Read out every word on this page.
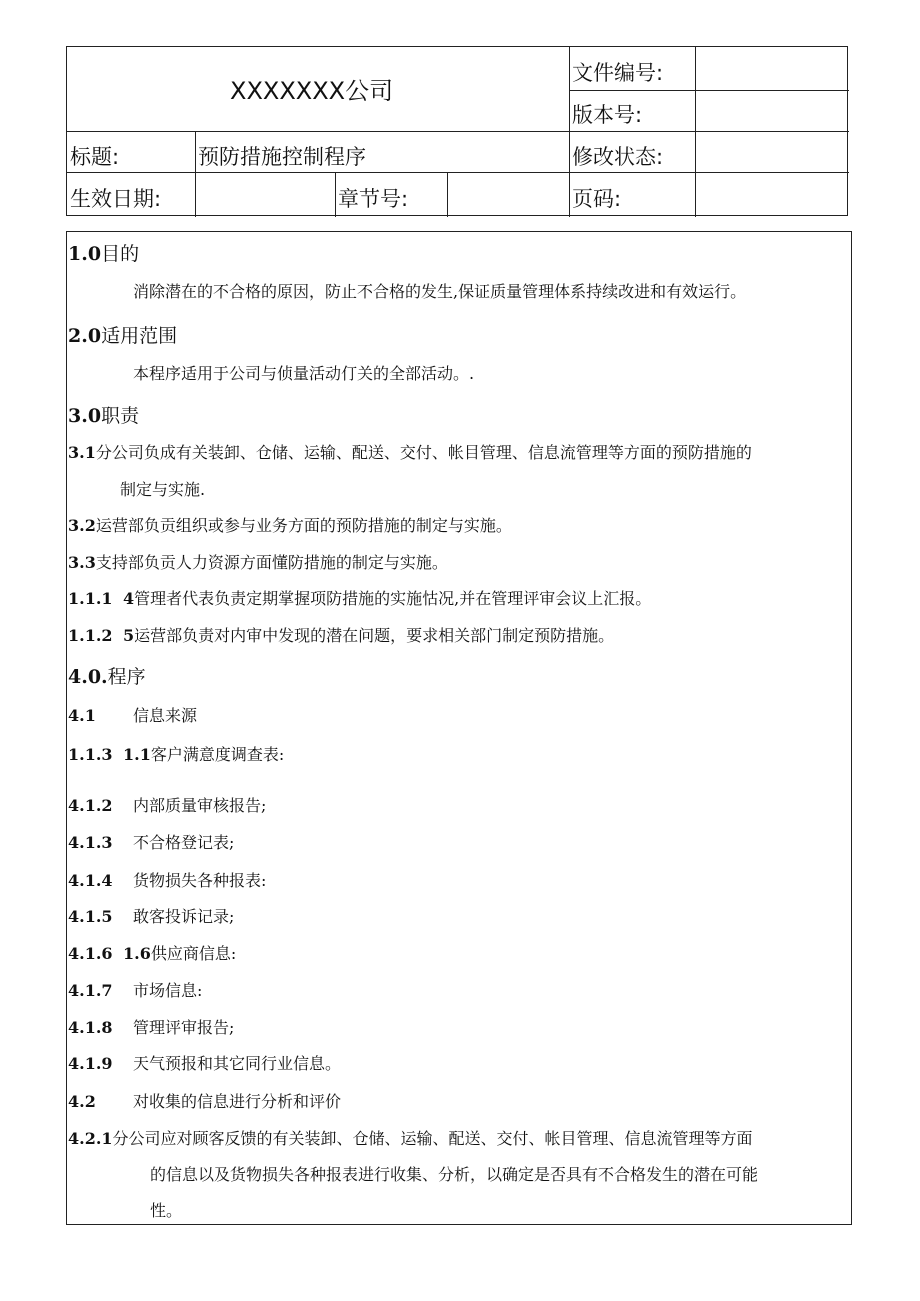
XXXXXXX公司
文件编号:
版本号:
标题:	预防措施控制程序	修改状态:
生效日期:	章节号:	页码:
1.0目的
消除潜在的不合格的原因，防止不合格的发生,保证质量管理体系持续改进和有效运行。
2.0适用范围
本程序适用于公司与侦量活动仃关的全部活动。.
3.0职责
3.1分公司负成有关装卸、仓储、运输、配送、交付、帐目管理、信息流管理等方面的预防措施的
制定与实施.
3.2运营部负贡组织或参与业务方面的预防措施的制定与实施。
3.3支持部负贡人力资源方面懂防措施的制定与实施。
1.1.1 4管理者代表负责定期掌握项防措施的实施怙况,并在管理评审会议上汇报。
1.1.2 5运营部负责对内审中发现的潜在问题，要求相关部门制定预防措施。
4.0.程序
4.1 信息来源
1.1.3 1.1客户满意度调查表:
4.1.2 内部质量审核报告;
4.1.3 不合格登记表;
4.1.4 货物损失各种报表:
4.1.5 敢客投诉记录;
4.1.6 1.6供应商信息:
4.1.7 市场信息:
4.1.8 管理评审报告;
4.1.9 天气预报和其它同行业信息。
4.2 对收集的信息进行分析和评价
4.2.1分公司应对顾客反馈的有关装卸、仓储、运输、配送、交付、帐目管理、信息流管理等方面
的信息以及货物损失各种报表进行收集、分析，以确定是否具有不合格发生的潜在可能
性。
